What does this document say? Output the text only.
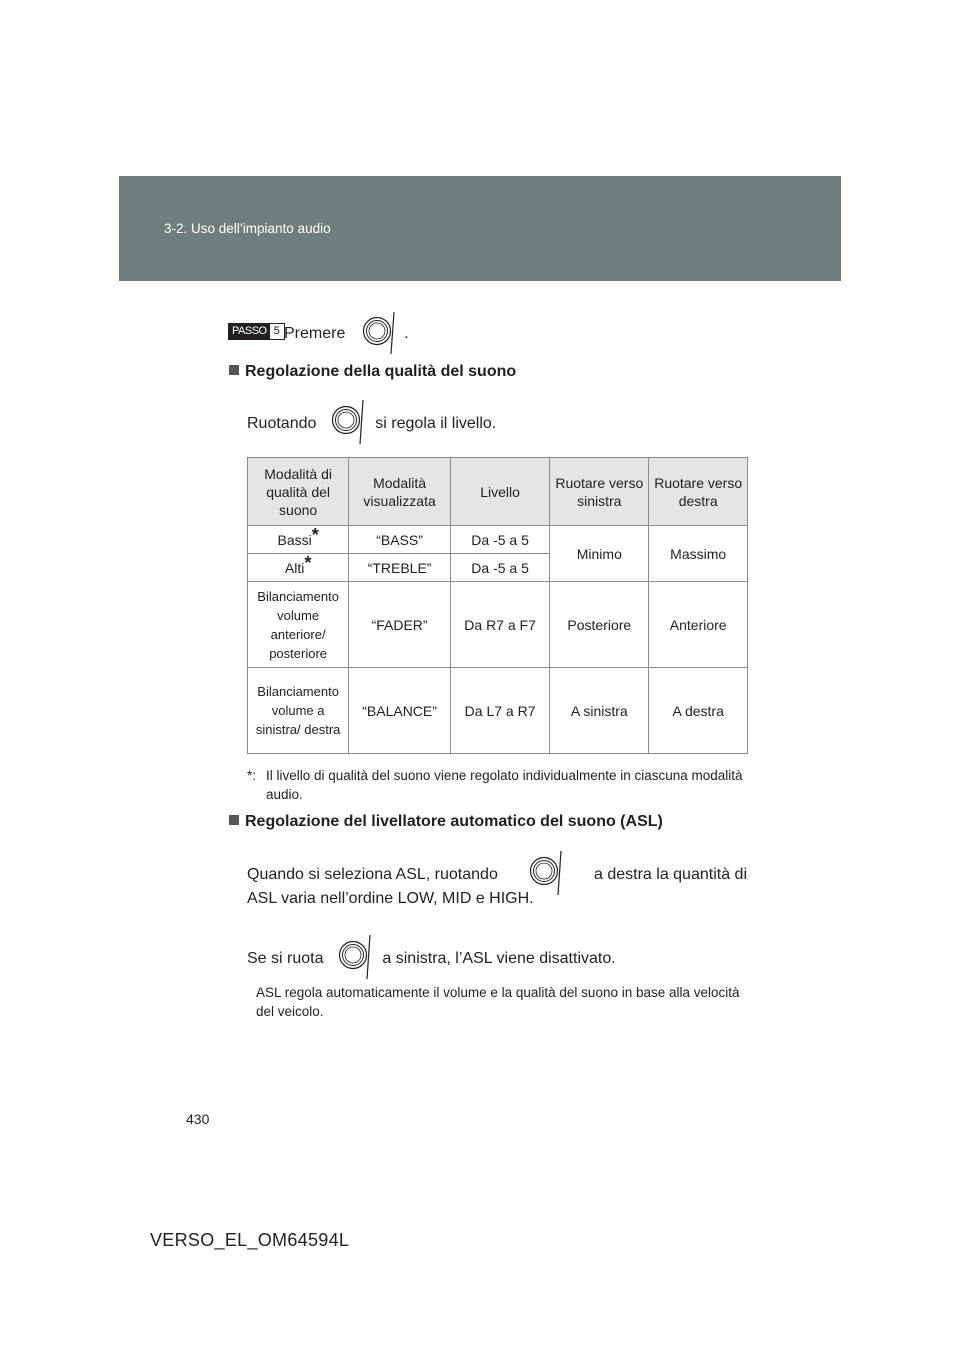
3-2. Uso dell’impianto audio
PASSO 5 Premere	.
Regolazione della qualità del suono
Ruotando	si regola il livello.
Modalità di qualità del suono	Modalità visualizzata	Livello	Ruotare verso sinistra	Ruotare verso destra
Bassi*	“BASS”	Da -5 a 5	Minimo	Massimo
Alti*	“TREBLE”	Da -5 a 5		
Bilanciamento volume anteriore/ posteriore	“FADER”	Da R7 a F7	Posteriore	Anteriore
Bilanciamento volume a sinistra/ destra	“BALANCE”	Da L7 a R7	A sinistra	A destra
*: Il livello di qualità del suono viene regolato individualmente in ciascuna modalità audio.
Regolazione del livellatore automatico del suono (ASL)
Quando si seleziona ASL, ruotando	a destra la quantità di
ASL varia nell’ordine LOW, MID e HIGH.
Se si ruota	a sinistra, l’ASL viene disattivato.
ASL regola automaticamente il volume e la qualità del suono in base alla velocità del veicolo.
430
VERSO_EL_OM64594L
